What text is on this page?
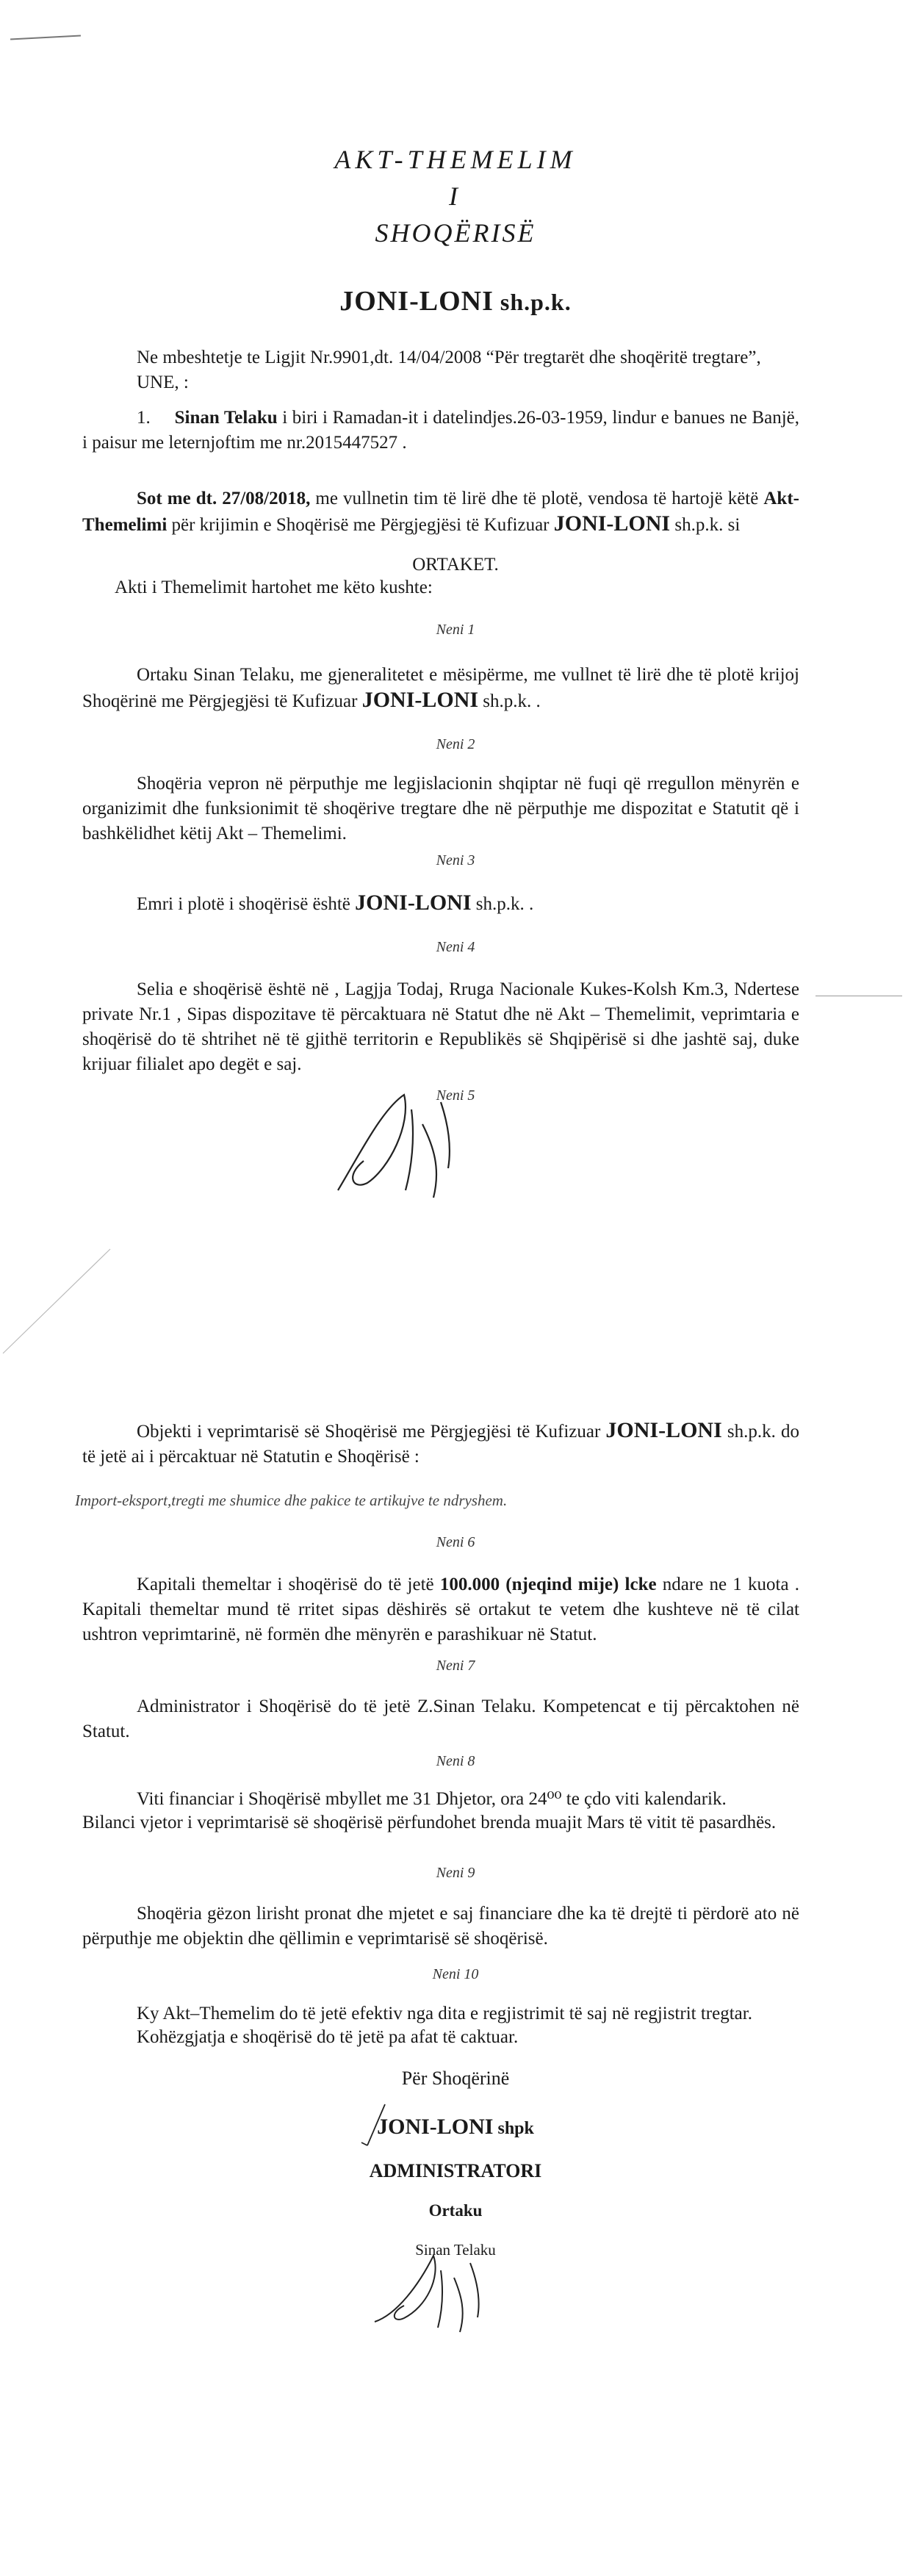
AKT-THEMELIM
I
SHOQËRISË
JONI-LONI sh.p.k.
Ne mbeshtetje te Ligjit Nr.9901,dt. 14/04/2008 “Për tregtarët dhe shoqëritë tregtare”,
UNE, :
1. Sinan Telaku i biri i Ramadan-it i datelindjes.26-03-1959, lindur e banues ne Banjë, i paisur me leternjoftim me nr.2015447527 .
Sot me dt. 27/08/2018, me vullnetin tim të lirë dhe të plotë, vendosa të hartojë këtë Akt-Themelimi për krijimin e Shoqërisë me Përgjegjësi të Kufizuar JONI-LONI sh.p.k. si
ORTAKET.
Akti i Themelimit hartohet me këto kushte:
Neni 1
Ortaku Sinan Telaku, me gjeneralitetet e mësipërme, me vullnet të lirë dhe të plotë krijoj Shoqërinë me Përgjegjësi të Kufizuar JONI-LONI sh.p.k. .
Neni 2
Shoqëria vepron në përputhje me legjislacionin shqiptar në fuqi që rregullon mënyrën e organizimit dhe funksionimit të shoqërive tregtare dhe në përputhje me dispozitat e Statutit që i bashkëlidhet këtij Akt – Themelimi.
Neni 3
Emri i plotë i shoqërisë është JONI-LONI sh.p.k. .
Neni 4
Selia e shoqërisë është në , Lagjja Todaj, Rruga Nacionale Kukes-Kolsh Km.3, Ndertese private Nr.1 , Sipas dispozitave të përcaktuara në Statut dhe në Akt – Themelimit, veprimtaria e shoqërisë do të shtrihet në të gjithë territorin e Republikës së Shqipërisë si dhe jashtë saj, duke krijuar filialet apo degët e saj.
Neni 5
Objekti i veprimtarisë së Shoqërisë me Përgjegjësi të Kufizuar JONI-LONI sh.p.k. do të jetë ai i përcaktuar në Statutin e Shoqërisë :
Import-eksport,tregti me shumice dhe pakice te artikujve te ndryshem.
Neni 6
Kapitali themeltar i shoqërisë do të jetë 100.000 (njeqind mije) lcke ndare ne 1 kuota . Kapitali themeltar mund të rritet sipas dëshirës së ortakut te vetem dhe kushteve në të cilat ushtron veprimtarinë, në formën dhe mënyrën e parashikuar në Statut.
Neni 7
Administrator i Shoqërisë do të jetë Z.Sinan Telaku. Kompetencat e tij përcaktohen në Statut.
Neni 8
Viti financiar i Shoqërisë mbyllet me 31 Dhjetor, ora 24⁰⁰ te çdo viti kalendarik.
Bilanci vjetor i veprimtarisë së shoqërisë përfundohet brenda muajit Mars të vitit të pasardhës.
Neni 9
Shoqëria gëzon lirisht pronat dhe mjetet e saj financiare dhe ka të drejtë ti përdorë ato në përputhje me objektin dhe qëllimin e veprimtarisë së shoqërisë.
Neni 10
Ky Akt–Themelim do të jetë efektiv nga dita e regjistrimit të saj në regjistrit tregtar.
Kohëzgjatja e shoqërisë do të jetë pa afat të caktuar.
Për Shoqërinë
JONI-LONI shpk
ADMINISTRATORI
Ortaku
Sinan Telaku
